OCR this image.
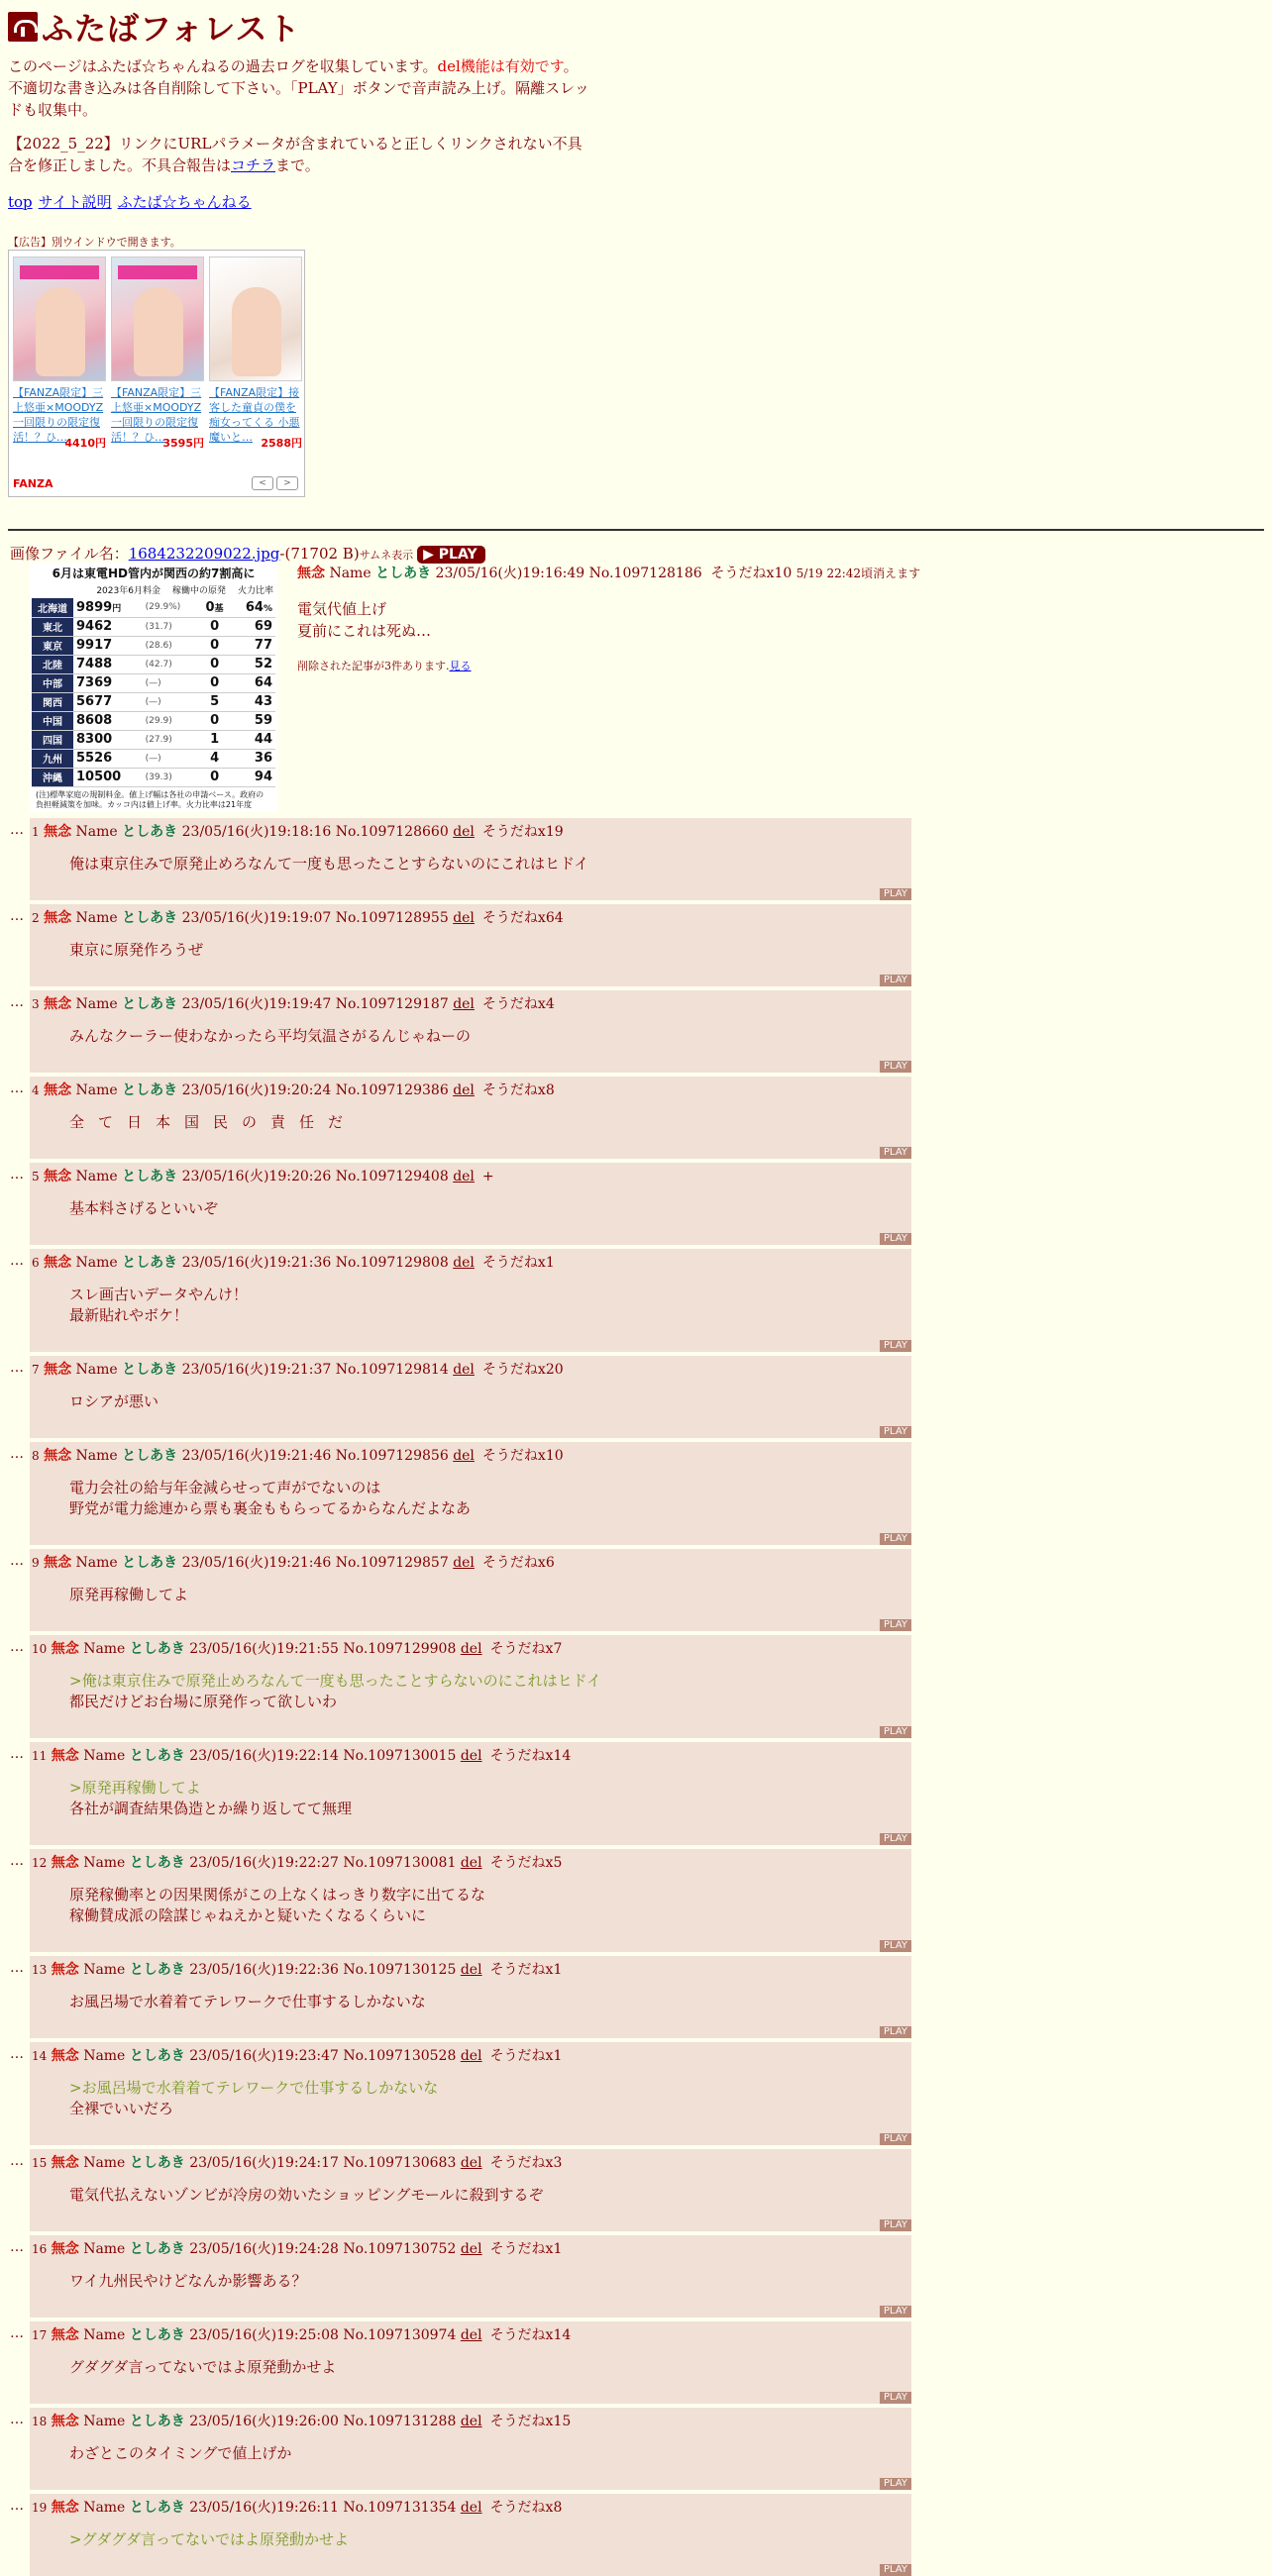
ふたばフォレスト
このページはふたば☆ちゃんねるの過去ログを収集しています。del機能は有効です。不適切な書き込みは各自削除して下さい。「PLAY」ボタンで音声読み上げ。隔離スレッドも収集中。
【2022_5_22】リンクにURLパラメータが含まれていると正しくリンクされない不具合を修正しました。不具合報告はコチラまで。
top サイト説明 ふたば☆ちゃんねる
【広告】別ウインドウで開きます。
【FANZA限定】三上悠亜×MOODYZ 一回限りの限定復活！？ひ…
4410円
【FANZA限定】三上悠亜×MOODYZ 一回限りの限定復活！？ひ…
3595円
【FANZA限定】接客した童貞の僕を痴女ってくる 小悪魔いと… 2588円
FANZA	< >
画像ファイル名：1684232209022.jpg-(71702 B)サムネ表示 ▶ PLAY
6月は東電HD管内が関西の約7割高に
2023年6月料金 稼働中の原発 火力比率
北海道	9899円	(29.9%)	0基	64%
東北	9462	(31.7)	0	69
東京	9917	(28.6)	0	77
北陸	7488	(42.7)	0	52
中部	7369	(—)	0	64
関西	5677	(—)	5	43
中国	8608	(29.9)	0	59
四国	8300	(27.9)	1	44
九州	5526	(—)	4	36
沖縄	10500	(39.3)	0	94
(注)標準家庭の規制料金。値上げ幅は各社の申請ベース。政府の負担軽減策を加味。カッコ内は値上げ率。火力比率は21年度
無念 Name としあき 23/05/16(火)19:16:49 No.1097128186 そうだねx10 5/19 22:42頃消えます
電気代値上げ
夏前にこれは死ぬ…
削除された記事が3件あります.見る
… 1 無念 Name としあき 23/05/16(火)19:18:16 No.1097128660 del そうだねx19
俺は東京住みで原発止めろなんて一度も思ったことすらないのにこれはヒドイ
PLAY
… 2 無念 Name としあき 23/05/16(火)19:19:07 No.1097128955 del そうだねx64
東京に原発作ろうぜ
PLAY
… 3 無念 Name としあき 23/05/16(火)19:19:47 No.1097129187 del そうだねx4
みんなクーラー使わなかったら平均気温さがるんじゃねーの
PLAY
… 4 無念 Name としあき 23/05/16(火)19:20:24 No.1097129386 del そうだねx8
全て日本国民の責任だ
PLAY
… 5 無念 Name としあき 23/05/16(火)19:20:26 No.1097129408 del +
基本料さげるといいぞ
PLAY
… 6 無念 Name としあき 23/05/16(火)19:21:36 No.1097129808 del そうだねx1
スレ画古いデータやんけ！
最新貼れやボケ！
PLAY
… 7 無念 Name としあき 23/05/16(火)19:21:37 No.1097129814 del そうだねx20
ロシアが悪い
PLAY
… 8 無念 Name としあき 23/05/16(火)19:21:46 No.1097129856 del そうだねx10
電力会社の給与年金減らせって声がでないのは
野党が電力総連から票も裏金ももらってるからなんだよなあ
PLAY
… 9 無念 Name としあき 23/05/16(火)19:21:46 No.1097129857 del そうだねx6
原発再稼働してよ
PLAY
… 10 無念 Name としあき 23/05/16(火)19:21:55 No.1097129908 del そうだねx7
>俺は東京住みで原発止めろなんて一度も思ったことすらないのにこれはヒドイ
都民だけどお台場に原発作って欲しいわ
PLAY
… 11 無念 Name としあき 23/05/16(火)19:22:14 No.1097130015 del そうだねx14
>原発再稼働してよ
各社が調査結果偽造とか繰り返してて無理
PLAY
… 12 無念 Name としあき 23/05/16(火)19:22:27 No.1097130081 del そうだねx5
原発稼働率との因果関係がこの上なくはっきり数字に出てるな
稼働賛成派の陰謀じゃねえかと疑いたくなるくらいに
PLAY
… 13 無念 Name としあき 23/05/16(火)19:22:36 No.1097130125 del そうだねx1
お風呂場で水着着てテレワークで仕事するしかないな
PLAY
… 14 無念 Name としあき 23/05/16(火)19:23:47 No.1097130528 del そうだねx1
>お風呂場で水着着てテレワークで仕事するしかないな
全裸でいいだろ
PLAY
… 15 無念 Name としあき 23/05/16(火)19:24:17 No.1097130683 del そうだねx3
電気代払えないゾンビが冷房の効いたショッピングモールに殺到するぞ
PLAY
… 16 無念 Name としあき 23/05/16(火)19:24:28 No.1097130752 del そうだねx1
ワイ九州民やけどなんか影響ある？
PLAY
… 17 無念 Name としあき 23/05/16(火)19:25:08 No.1097130974 del そうだねx14
グダグダ言ってないではよ原発動かせよ
PLAY
… 18 無念 Name としあき 23/05/16(火)19:26:00 No.1097131288 del そうだねx15
わざとこのタイミングで値上げか
PLAY
… 19 無念 Name としあき 23/05/16(火)19:26:11 No.1097131354 del そうだねx8
>グダグダ言ってないではよ原発動かせよ
PLAY
